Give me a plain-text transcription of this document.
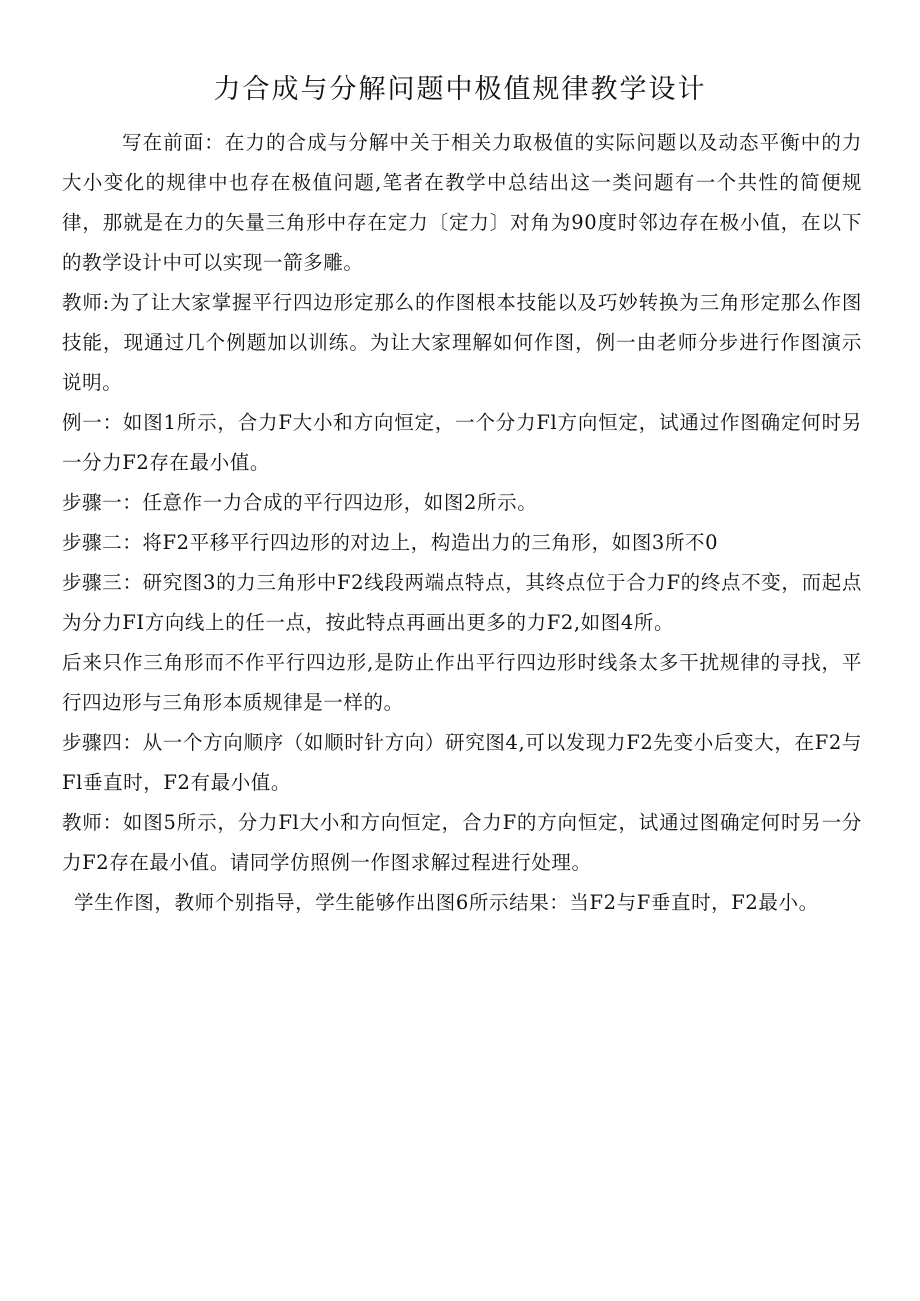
力合成与分解问题中极值规律教学设计

写在前面：在力的合成与分解中关于相关力取极值的实际问题以及动态平衡中的力大小变化的规律中也存在极值问题,笔者在教学中总结出这一类问题有一个共性的简便规律，那就是在力的矢量三角形中存在定力〔定力〕对角为90度时邻边存在极小值，在以下的教学设计中可以实现一箭多雕。

教师:为了让大家掌握平行四边形定那么的作图根本技能以及巧妙转换为三角形定那么作图技能，现通过几个例题加以训练。为让大家理解如何作图，例一由老师分步进行作图演示说明。

例一：如图1所示，合力F大小和方向恒定，一个分力Fl方向恒定，试通过作图确定何时另一分力F2存在最小值。

步骤一：任意作一力合成的平行四边形，如图2所示。

步骤二：将F2平移平行四边形的对边上，构造出力的三角形，如图3所不0

步骤三：研究图3的力三角形中F2线段两端点特点，其终点位于合力F的终点不变，而起点为分力FI方向线上的任一点，按此特点再画出更多的力F2,如图4所。

后来只作三角形而不作平行四边形,是防止作出平行四边形时线条太多干扰规律的寻找，平行四边形与三角形本质规律是一样的。

步骤四：从一个方向顺序（如顺时针方向）研究图4,可以发现力F2先变小后变大，在F2与Fl垂直时，F2有最小值。

教师：如图5所示，分力Fl大小和方向恒定，合力F的方向恒定，试通过图确定何时另一分力F2存在最小值。请同学仿照例一作图求解过程进行处理。

学生作图，教师个别指导，学生能够作出图6所示结果：当F2与F垂直时，F2最小。
